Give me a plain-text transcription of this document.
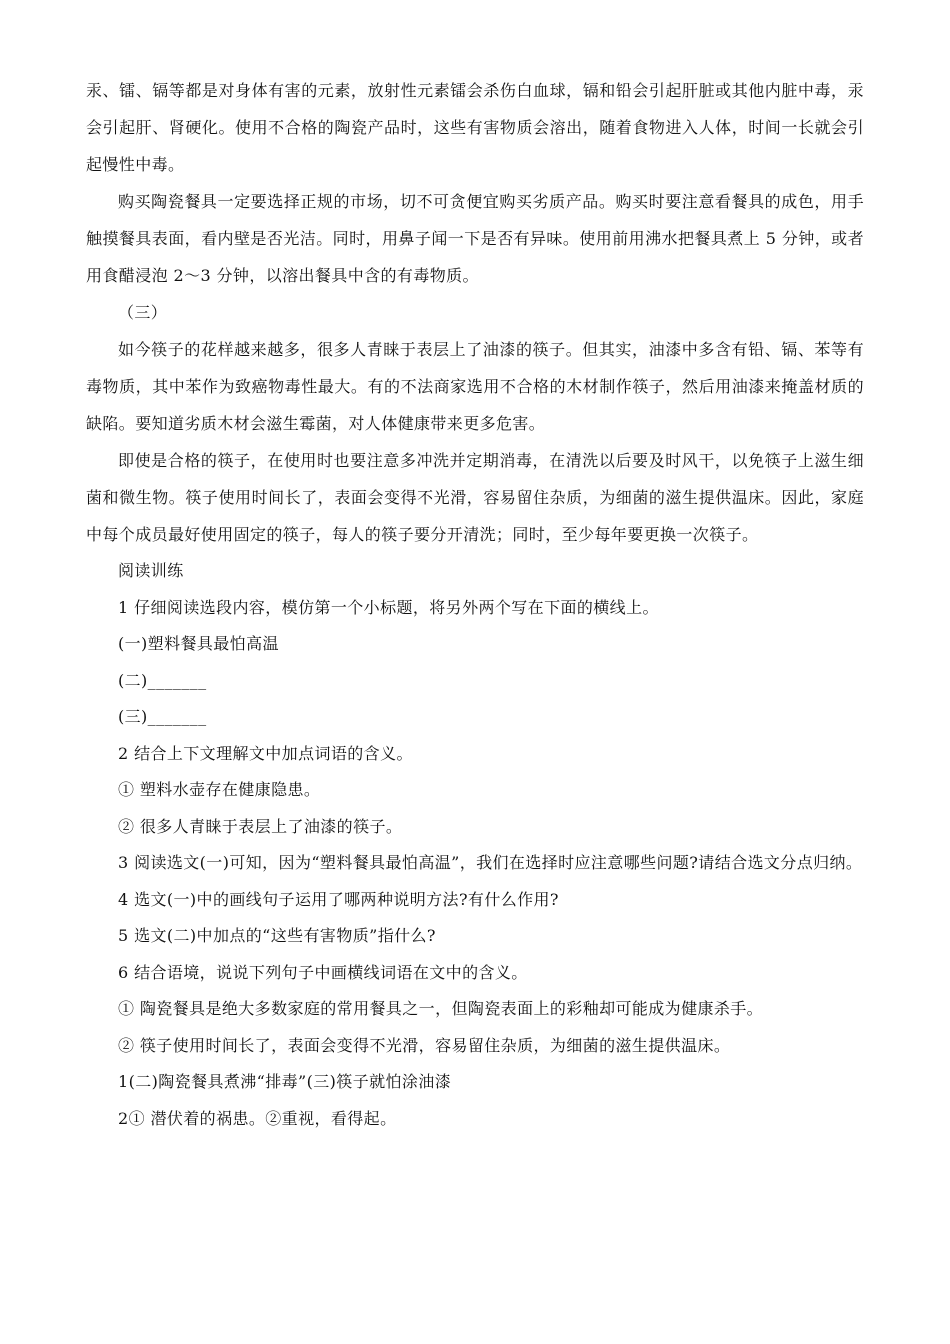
汞、镭、镉等都是对身体有害的元素，放射性元素镭会杀伤白血球，镉和铅会引起肝脏或其他内脏中毒，汞会引起肝、肾硬化。使用不合格的陶瓷产品时，这些有害物质会溶出，随着食物进入人体，时间一长就会引起慢性中毒。

购买陶瓷餐具一定要选择正规的市场，切不可贪便宜购买劣质产品。购买时要注意看餐具的成色，用手触摸餐具表面，看内壁是否光洁。同时，用鼻子闻一下是否有异味。使用前用沸水把餐具煮上 5 分钟，或者用食醋浸泡 2～3 分钟，以溶出餐具中含的有毒物质。

（三）

如今筷子的花样越来越多，很多人青睐于表层上了油漆的筷子。但其实，油漆中多含有铅、镉、苯等有毒物质，其中苯作为致癌物毒性最大。有的不法商家选用不合格的木材制作筷子，然后用油漆来掩盖材质的缺陷。要知道劣质木材会滋生霉菌，对人体健康带来更多危害。

即使是合格的筷子，在使用时也要注意多冲洗并定期消毒，在清洗以后要及时风干，以免筷子上滋生细菌和微生物。筷子使用时间长了，表面会变得不光滑，容易留住杂质，为细菌的滋生提供温床。因此，家庭中每个成员最好使用固定的筷子，每人的筷子要分开清洗；同时，至少每年要更换一次筷子。

阅读训练

1 仔细阅读选段内容，模仿第一个小标题，将另外两个写在下面的横线上。

(一)塑料餐具最怕高温

(二)_______

(三)_______

2 结合上下文理解文中加点词语的含义。

① 塑料水壶存在健康隐患。

② 很多人青睐于表层上了油漆的筷子。

3 阅读选文(一)可知，因为“塑料餐具最怕高温”，我们在选择时应注意哪些问题?请结合选文分点归纳。

4 选文(一)中的画线句子运用了哪两种说明方法?有什么作用?

5 选文(二)中加点的“这些有害物质”指什么?

6 结合语境，说说下列句子中画横线词语在文中的含义。

① 陶瓷餐具是绝大多数家庭的常用餐具之一，但陶瓷表面上的彩釉却可能成为健康杀手。

② 筷子使用时间长了，表面会变得不光滑，容易留住杂质，为细菌的滋生提供温床。

1(二)陶瓷餐具煮沸“排毒”(三)筷子就怕涂油漆

2① 潜伏着的祸患。②重视，看得起。
